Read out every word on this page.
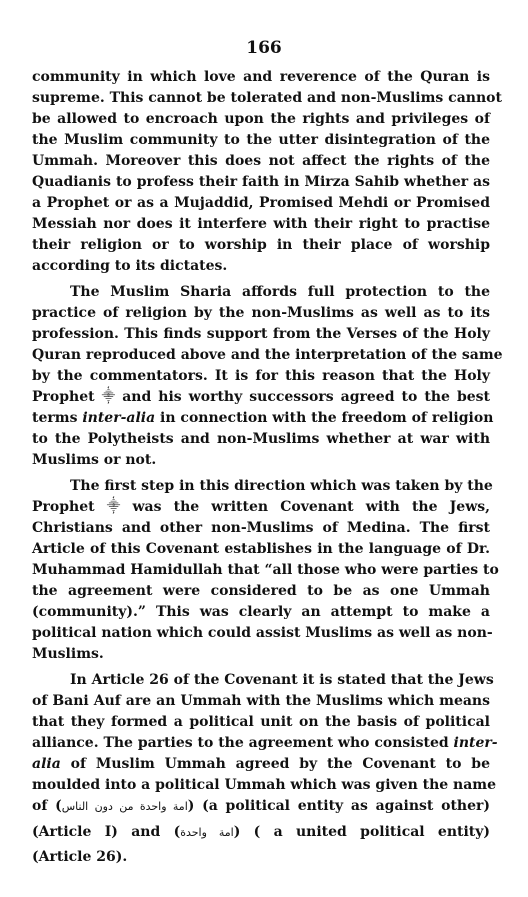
166
community in which love and reverence of the Quran is
supreme. This cannot be tolerated and non-Muslims cannot
be allowed to encroach upon the rights and privileges of
the Muslim community to the utter disintegration of the
Ummah. Moreover this does not affect the rights of the
Quadianis to profess their faith in Mirza Sahib whether as
a Prophet or as a Mujaddid, Promised Mehdi or Promised
Messiah nor does it interfere with their right to practise
their religion or to worship in their place of worship
according to its dictates.
The Muslim Sharia affords full protection to the
practice of religion by the non-Muslims as well as to its
profession. This finds support from the Verses of the Holy
Quran reproduced above and the interpretation of the same
by the commentators. It is for this reason that the Holy
Prophet ⸎ and his worthy successors agreed to the best
terms inter-alia in connection with the freedom of religion
to the Polytheists and non-Muslims whether at war with
Muslims or not.
The first step in this direction which was taken by the
Prophet ⸎ was the written Covenant with the Jews,
Christians and other non-Muslims of Medina. The first
Article of this Covenant establishes in the language of Dr.
Muhammad Hamidullah that “all those who were parties to
the agreement were considered to be as one Ummah
(community).” This was clearly an attempt to make a
political nation which could assist Muslims as well as non-
Muslims.
In Article 26 of the Covenant it is stated that the Jews
of Bani Auf are an Ummah with the Muslims which means
that they formed a political unit on the basis of political
alliance. The parties to the agreement who consisted inter-
alia of Muslim Ummah agreed by the Covenant to be
moulded into a political Ummah which was given the name
of (امة واحدة من دون الناس) (a political entity as against other)
(Article I) and (امة واحدة) ( a united political entity)
(Article 26).
